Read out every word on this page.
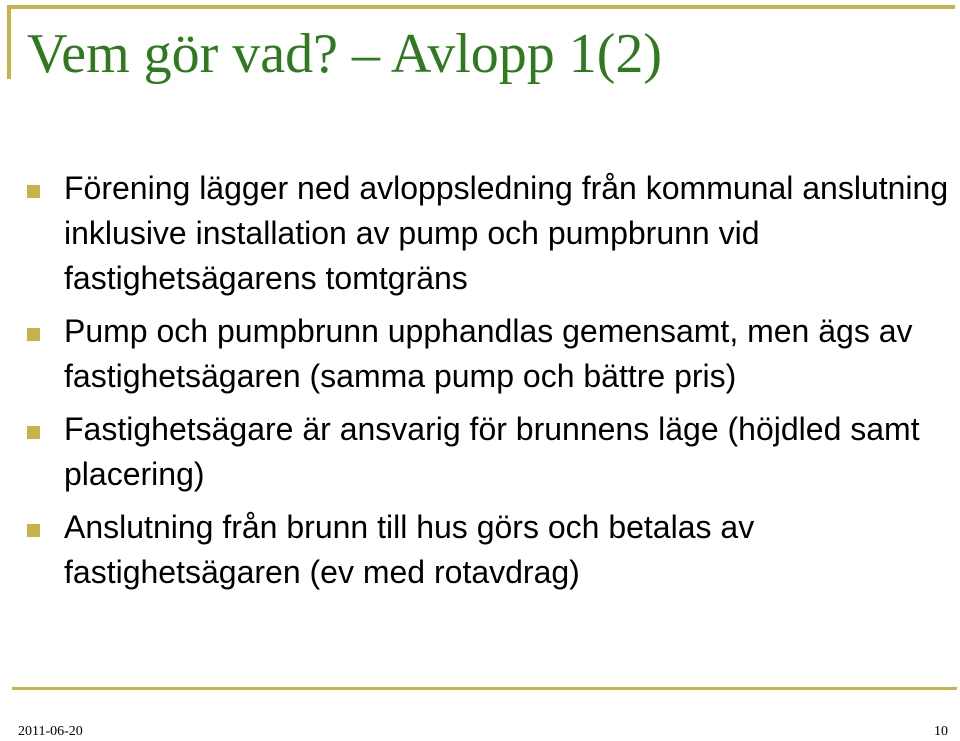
Vem gör vad? – Avlopp 1(2)
Förening lägger ned avloppsledning från kommunal anslutning inklusive installation av pump och pumpbrunn vid fastighetsägarens tomtgräns
Pump och pumpbrunn upphandlas gemensamt, men ägs av fastighetsägaren (samma pump och bättre pris)
Fastighetsägare är ansvarig för brunnens läge (höjdled samt placering)
Anslutning från brunn till hus görs och betalas av fastighetsägaren (ev med rotavdrag)
2011-06-20	10
